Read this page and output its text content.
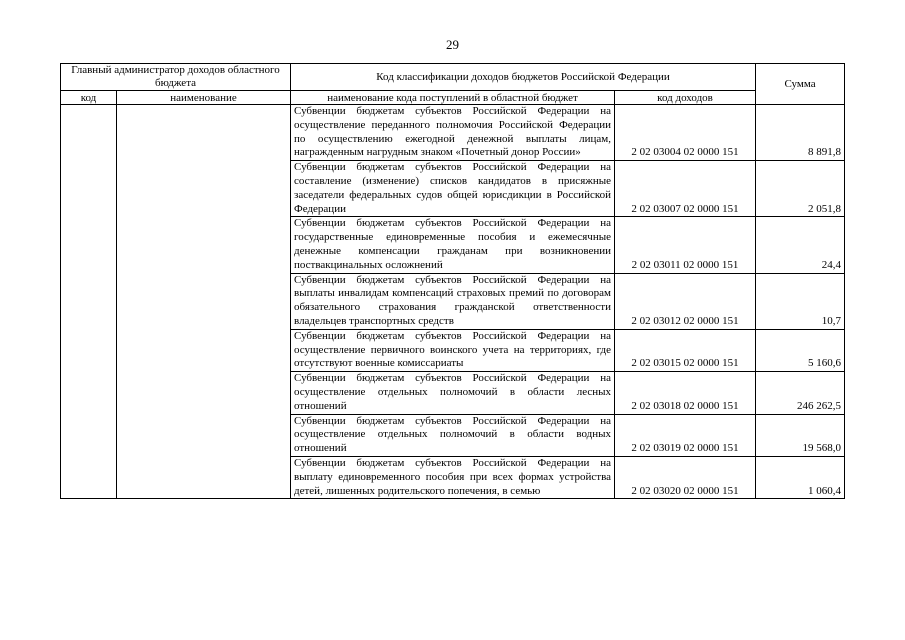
29
Главный администратор доходов областного бюджета		Код классификации доходов бюджетов Российской Федерации		Сумма
код	наименование	наименование кода поступлений в областной бюджет	код доходов	
		Субвенции бюджетам субъектов Российской Федерации на осуществление переданного полномочия Российской Федерации по осуществлению ежегодной денежной выплаты лицам, награжденным нагрудным знаком «Почетный донор России»	2 02 03004 02 0000 151	8 891,8
		Субвенции бюджетам субъектов Российской Федерации на составление (изменение) списков кандидатов в присяжные заседатели федеральных судов общей юрисдикции в Российской Федерации	2 02 03007 02 0000 151	2 051,8
		Субвенции бюджетам субъектов Российской Федерации на государственные единовременные пособия и ежемесячные денежные компенсации гражданам при возникновении поствакцинальных осложнений	2 02 03011 02 0000 151	24,4
		Субвенции бюджетам субъектов Российской Федерации на выплаты инвалидам компенсаций страховых премий по договорам обязательного страхования гражданской ответственности владельцев транспортных средств	2 02 03012 02 0000 151	10,7
		Субвенции бюджетам субъектов Российской Федерации на осуществление первичного воинского учета на территориях, где отсутствуют военные комиссариаты	2 02 03015 02 0000 151	5 160,6
		Субвенции бюджетам субъектов Российской Федерации на осуществление отдельных полномочий в области лесных отношений	2 02 03018 02 0000 151	246 262,5
		Субвенции бюджетам субъектов Российской Федерации на осуществление отдельных полномочий в области водных отношений	2 02 03019 02 0000 151	19 568,0
		Субвенции бюджетам субъектов Российской Федерации на выплату единовременного пособия при всех формах устройства детей, лишенных родительского попечения, в семью	2 02 03020 02 0000 151	1 060,4
